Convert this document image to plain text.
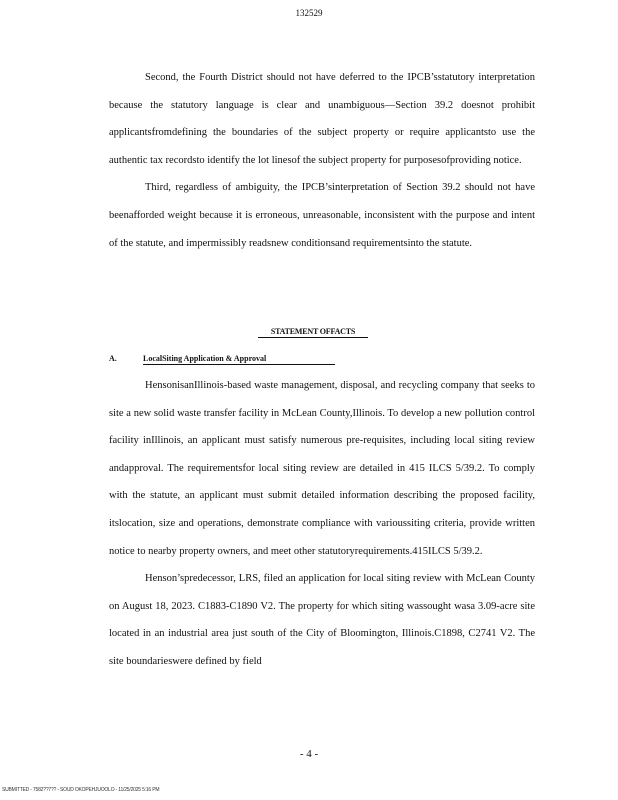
132529

Second, the Fourth District should not have deferred to the IPCB’sstatutory interpretation because the statutory language is clear and unambiguous—Section 39.2 doesnot prohibit applicantsfromdefining the boundaries of the subject property or require applicantsto use the authentic tax recordsto identify the lot linesof the subject property for purposesofproviding notice.

Third, regardless of ambiguity, the IPCB’sinterpretation of Section 39.2 should not have beenafforded weight because it is erroneous, unreasonable, inconsistent with the purpose and intent of the statute, and impermissibly readsnew conditionsand requirementsinto the statute.

STATEMENT OFFACTS
A.	LocalSiting Application & Approval

HensonisanIllinois-based waste management, disposal, and recycling company that seeks to site a new solid waste transfer facility in McLean County,Illinois. To develop a new pollution control facility inIllinois, an applicant must satisfy numerous pre-requisites, including local siting review andapproval. The requirementsfor local siting review are detailed in 415 ILCS 5/39.2. To comply with the statute, an applicant must submit detailed information describing the proposed facility, itslocation, size and operations, demonstrate compliance with varioussiting criteria, provide written notice to nearby property owners, and meet other statutoryrequirements.415ILCS 5/39.2.

Henson’spredecessor, LRS, filed an application for local siting review with McLean County on August 18, 2023. C1883-C1890 V2. The property for which siting wassought wasa 3.09-acre site located in an industrial area just south of the City of Bloomington, Illinois.C1898, C2741 V2. The site boundarieswere defined by field

- 4 -
SUBMITTED - 7582??7?? - SOUD OKOPEHJUOOLO - 11/25/2025 5:16 PM
